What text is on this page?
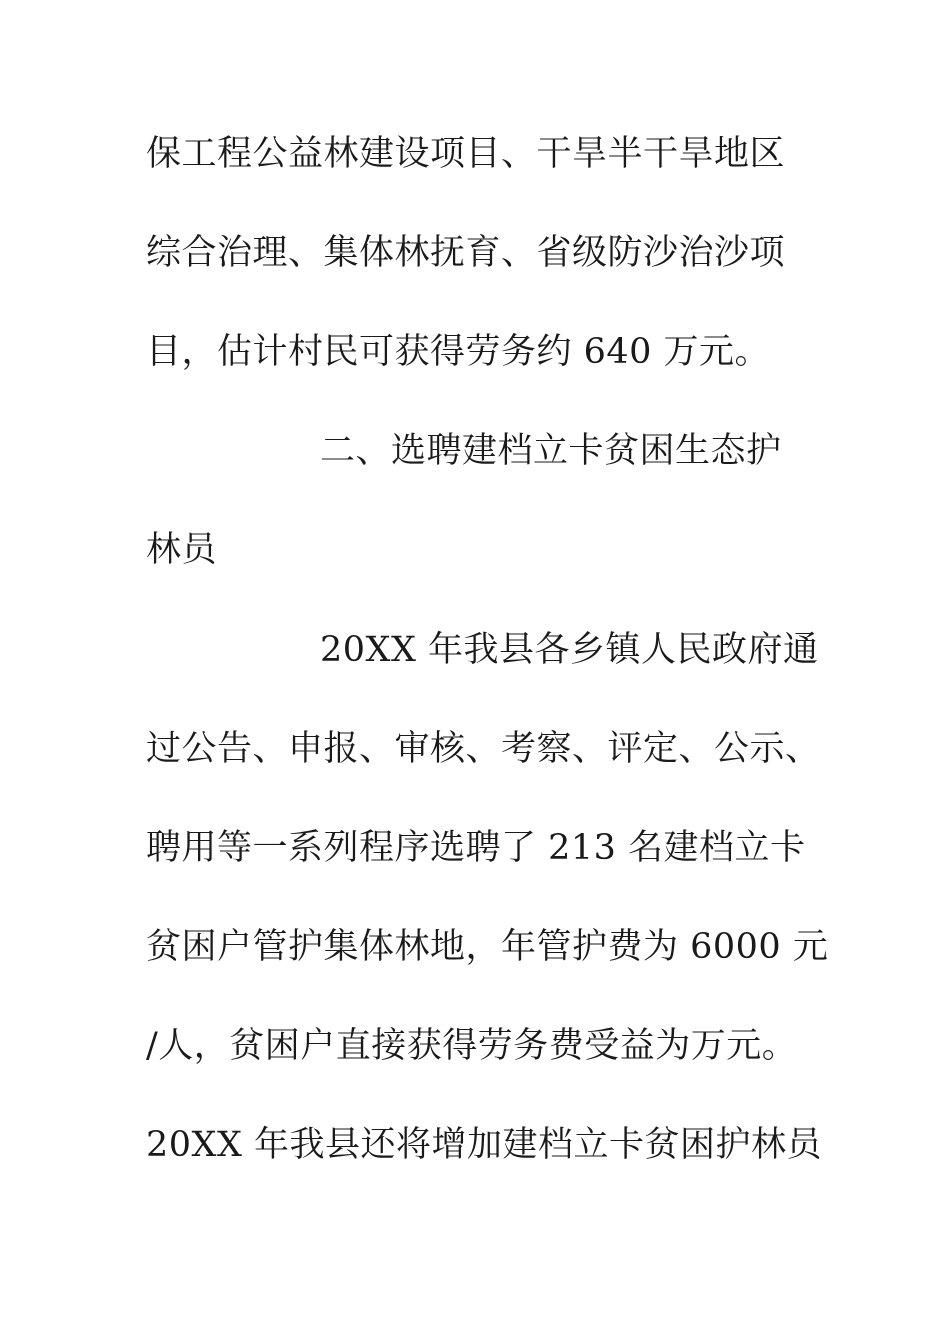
保工程公益林建设项目、干旱半干旱地区
综合治理、集体林抚育、省级防沙治沙项
目，估计村民可获得劳务约 640 万元。
二、选聘建档立卡贫困生态护
林员
20XX 年我县各乡镇人民政府通
过公告、申报、审核、考察、评定、公示、
聘用等一系列程序选聘了 213 名建档立卡
贫困户管护集体林地，年管护费为 6000 元
/人，贫困户直接获得劳务费受益为万元。
20XX 年我县还将增加建档立卡贫困护林员
